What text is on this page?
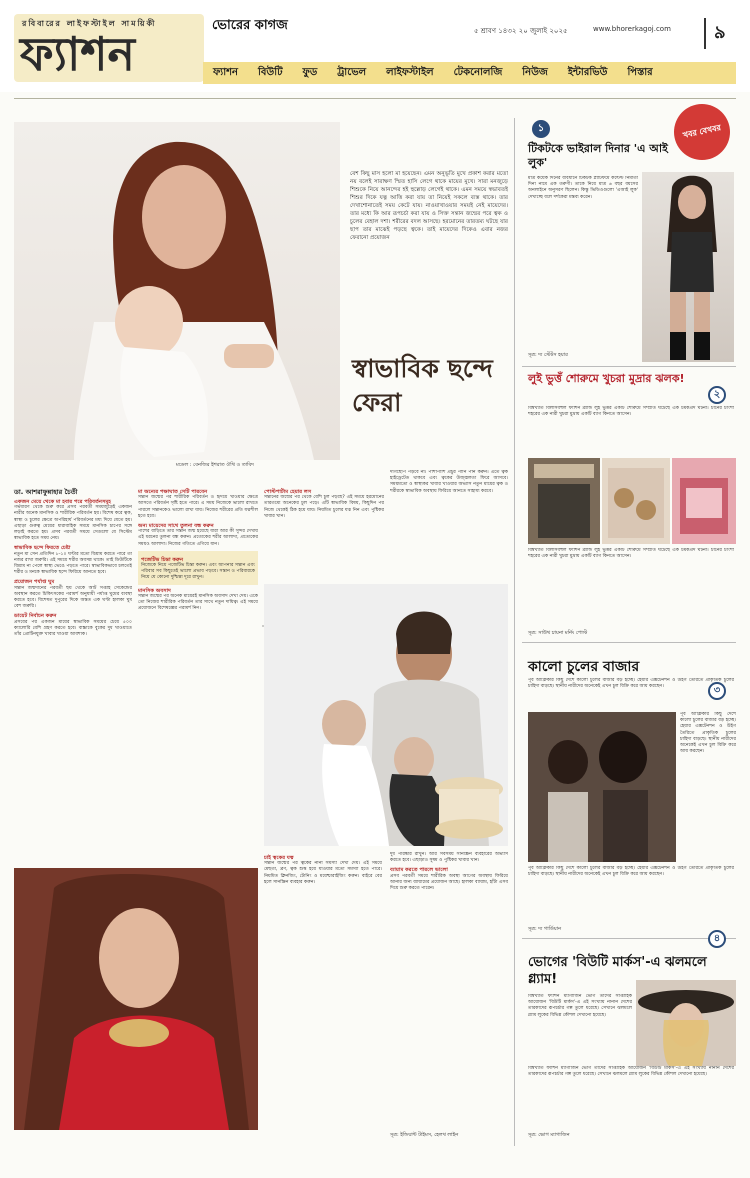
রবিবারের লাইফস্টাইল সাময়িকী
ফ্যাশন
ভোরের কাগজ	৫ শ্রাবণ ১৪৩২ ২০ জুলাই ২০২৫	www.bhorerkagoj.com	৯
ফ্যাশন বিউটি ফুড ট্রাভেল লাইফস্টাইল টেকনোলজি নিউজ ইন্টারভিউ পিস্তার
মডেল : বেনজির ইশরাত ঔথি ও তাবিদ
বেশ কিছু মাস হলো মা হয়েছেন। এমন অনুভূতি মুখে প্রকাশ করার মতো নয় বলেই সারাক্ষণ স্মিত হাসি লেগে থাকে মায়ের মুখে। সারা মনজুড়ে শিশুকে নিয়ে আনন্দের হই হুল্লোড় লেগেই থাকে। এমন সময়ে স্বভাবতই শিশুর দিকে যত্ন আত্তি করা যায় তা নিয়েই সকলে ব্যস্ত থাকে। তার দেখাশোনাতেই সময় কেটে যায়। নাওয়াখাওয়ার সময়ই নেই মায়েদের। তার মধ্যে কি আর রূপচর্চা করা যায় ও সিক্ত সন্তান জন্মের পরে ত্বক ও চুলের বেহাল দশা। শরীরের বদল আসছে। হরমোনের তারতম্য ঘটছে যার ছাপ তার মাঝেই পড়ছে ত্বকে। তাই মায়েদের দিকেও এবার নজর ফেরানো প্রয়োজন
স্বাভাবিক ছন্দে ফেরা
ডা. আশরাফুন্নাহার চৈতী
একজন মেয়ে থেকে মা হবার পরে পরিবর্তনসমূহ
গর্ভধারণ থেকে শুরু করে প্রসব পরবর্তী সময়জুড়েই একজন নারীর অনেক মানসিক ও শারীরিক পরিবর্তন হয়। বিশেষ করে ত্বক, স্বাস্থ্য ও চুলের ক্ষেত্রে অপরিহার্য পরিবর্তনের মধ্য দিয়ে যেতে হয়। এছাড়া গুরুত্ব মেয়ের ধারাবাহিক সময়ে মানসিক চাপের সঙ্গে লড়াই করতে হয়। প্রসব পরবর্তী সময়ে সেগুলো যে সিস্টেম স্বাভাবিক হতে সময় নেয়।
স্বাভাবিক ছন্দে ফিরতে চেষ্টা
নতুন মা সেন প্রতিদিন ৮-১০ ঘণ্টার মতো বিশ্রাম করতে পারে তা নজর রাখা জরুরি। এই সময়ে শরীর অবসন্ন থাকে। তাই ডিউটিকে বিশ্রাম না পেলে স্বাস্থ্য ভেঙে পড়তে পারে। স্বাভাবিকভাবে চলতেই শরীর ও মনকে স্বাভাবিক ছন্দে ফিরিয়ে আনতে হবে।
প্রয়োজন পর্যাপ্ত ঘুম
সন্তান জন্মদানের পরবর্তী ছয় থেকে আট সপ্তাহ সেকেন্ডের অবস্থান করতে চিকিৎসকের পরামর্শ অনুযায়ী পর্যাপ্ত ঘুমের ব্যবস্থা করতে হবে। বিশেষত দুপুরের দিকে অন্তত এক ঘণ্টা হালকা ঘুম বেশ জরুরি।
ডায়েট নির্বাচন করুন
প্রসবের পর একজন মায়ের স্বাভাবিক সময়ের চেয়ে ৫০০ ক্যালোরি বেশি গ্রহণ করতে হবে। বাচ্চাকে বুকের দুধ খাওয়াতে তাঁর প্রোটিনযুক্ত খাবার খাওয়া আবশ্যক।
মা অন্যের পক্ষাঘাত সেটি পারবেন
সন্তান জন্মের পর শারীরিক পরিবর্তন ও হৃদয়ে খাওয়ার ক্ষেত্রে আসতে পরিবর্তন সৃষ্টি হতে পারে। এ সময় নিজেকে ভালো রাখতে পারলে সন্তানকেও ভালো রাখা যায়। নিজের শরীরের প্রতি যত্নশীল হতে হবে।
অন্য মায়েদের সাথে তুলনা বন্ধ করুন
পাশের বাড়িতে তার সন্তান জন্ম হয়েছে যারা আর কী সুন্দর দেখায় এই ধরনের তুলনা বন্ধ করুন। প্রত্যেকের শরীর আলাদা, প্রত্যেকের সময়ও আলাদা। নিজের গতিতে এগিয়ে যান।
পজেটিভ চিন্তা করুন
নিজেকে নিয়ে পজেটিভ চিন্তা করুন। এবং আপনার সন্তান এবং পরিবার সব কিছুতেই ভালো প্রভাব পড়বে। সন্তান ও পরিবারকে নিয়ে যে কোনো দুশ্চিন্তা দূরে রাখুন।
মানসিক অবসাদ
সন্তান জন্মের পর অনেক মায়েরই মানসিক অবসাদ দেখা দেয়। একে তো নিজের শারীরিক পরিবর্তন তার সাথে নতুন দায়িত্ব। এই সময়ে প্রয়োজনে বিশেষজ্ঞের পরামর্শ নিন।
পোস্টপার্টাম হেয়ার লস
সন্তানের জন্মের পর থেকে বেশি চুল পড়ছে? এই সময়ে হরমোনের তারতম্যে অনেকের চুল পড়ে। এটি স্বাভাবিক বিষয়, কিছুদিন পর নিজে থেকেই ঠিক হয়ে যায়। নিয়মিত চুলের যত্ন নিন এবং পুষ্টিকর খাবার খান।
দাগছোপ পড়বে না। পাশাপাশি প্রচুর পানি পান করুন। এতে ত্বক হাইড্রেটেড থাকবে এবং ত্বকের উজ্জ্বলতা ফিরে আসবে। সময়মতো ও স্বাস্থ্যকর খাবার খাওয়ার অভ্যাস নতুন মায়ের ত্বক ও শরীরকে স্বাভাবিক অবস্থায় ফিরিয়ে আনতে সাহায্য করবে।
চাই ত্বকের যত্ন
সন্তান জন্মের পর ত্বকের নানা সমস্যা দেখা দেয়। এই সময়ে মেছতা, ব্রণ, ত্বক শুষ্ক হয়ে যাওয়ার মতো সমস্যা হতে পারে। নিয়মিত ক্লিনজিং, টোনিং ও ময়েশ্চারাইজিং করুন। বাইরে বের হলে সানস্ক্রিন ব্যবহার করুন।
দুধ পরিষ্কার রাখুন। আর সবসময় সানস্ক্রিন ব্যবহারের অভ্যাস করতে হবে। এছাড়াও সুষম ও পুষ্টিকর খাবার খান।
ব্যায়াম করতে পারলে ভালো
প্রসব পরবর্তী সময়ে শারীরিক অবস্থা আগের অবস্থায় ফিরিয়ে আনার জন্য ব্যায়ামের প্রয়োজন আছে। হালকা ব্যায়াম, হাঁটা এসব দিয়ে শুরু করতে পারেন।
সূত্র: ইন্ডিয়ান্ট টাইমস, হেলথ লাইন
১	খবর বেখবর
টিকটকে ভাইরাল দিনার 'এ আই লুক'
মাত্র কয়েক দিনের ব্যবধানে টিকটক প্ল্যাটফর্মে কন্টেন্ট নির্মাতা দিনা নামে এক তরুণী। তাকে নিয়ে মাত্র ৬ বছর বয়সের অনলাইনে অনুসরণ ছিলেন। কিন্তু ভিডিওগুলো 'এআই লুক' দেখাচ্ছে বলে দর্শকেরা মন্তব্য করেন।
সূত্র: দ্য স্টেটস হয়ার
লুই ভুত্তঁ শোরুমে খুচরা মুদ্রার ঝলক!
২
বিশ্বখ্যাত বিলাসবহুল ফ্যাশন ব্র্যান্ড লুই ভুত্তঁর একটি শোরুমে সম্প্রতি ঘটেছে এক চমকপ্রদ ঘটনা। চীনের চাংশা শহরের এক নারী খুচরা মুদ্রায় একটি ব্যাগ কিনতে আসেন।
বিশ্বখ্যাত বিলাসবহুল ফ্যাশন ব্র্যান্ড লুই ভুত্তঁর একটি শোরুমে সম্প্রতি ঘটেছে এক চমকপ্রদ ঘটনা। চীনের চাংশা শহরের এক নারী খুচরা মুদ্রায় একটি ব্যাগ কিনতে আসেন।
সূত্র: সাউথ চায়না মর্নিং পোস্ট
কালো চুলের বাজার
৩
পূর্ব আফ্রিকার কিছু দেশে কালো চুলের বাজার বড় হচ্ছে। হেয়ার এক্সটেনশন ও উইগ তৈরিতে প্রাকৃতিক চুলের চাহিদা বাড়ছে। স্থানীয় নারীদের অনেকেই এখন চুল বিক্রি করে আয় করছেন।
পূর্ব আফ্রিকার কিছু দেশে কালো চুলের বাজার বড় হচ্ছে। হেয়ার এক্সটেনশন ও উইগ তৈরিতে প্রাকৃতিক চুলের চাহিদা বাড়ছে। স্থানীয় নারীদের অনেকেই এখন চুল বিক্রি করে আয় করছেন।
পূর্ব আফ্রিকার কিছু দেশে কালো চুলের বাজার বড় হচ্ছে। হেয়ার এক্সটেনশন ও উইগ তৈরিতে প্রাকৃতিক চুলের চাহিদা বাড়ছে। স্থানীয় নারীদের অনেকেই এখন চুল বিক্রি করে আয় করছেন।
সূত্র: দ্য গার্ডিয়ান
৪
ভোগের 'বিউটি মার্কস'-এ ঝলমলে গ্ল্যাম!
বিশ্বখ্যাত ফ্যাশন ম্যাগাজিন ভোগ তাদের সাপ্তাহিক আয়োজন 'বিউটি মার্কস'-এ এই সংখ্যায় নানান দেশের তারকাদের রূপচর্চার গল্প তুলে ধরেছে। সেখানে ঝলমলে গ্ল্যাম লুকের বিভিন্ন কৌশল দেখানো হয়েছে।
বিশ্বখ্যাত ফ্যাশন ম্যাগাজিন ভোগ তাদের সাপ্তাহিক আয়োজন 'বিউটি মার্কস'-এ এই সংখ্যায় নানান দেশের তারকাদের রূপচর্চার গল্প তুলে ধরেছে। সেখানে ঝলমলে গ্ল্যাম লুকের বিভিন্ন কৌশল দেখানো হয়েছে।
সূত্র: ভোগ ম্যাগাজিন
